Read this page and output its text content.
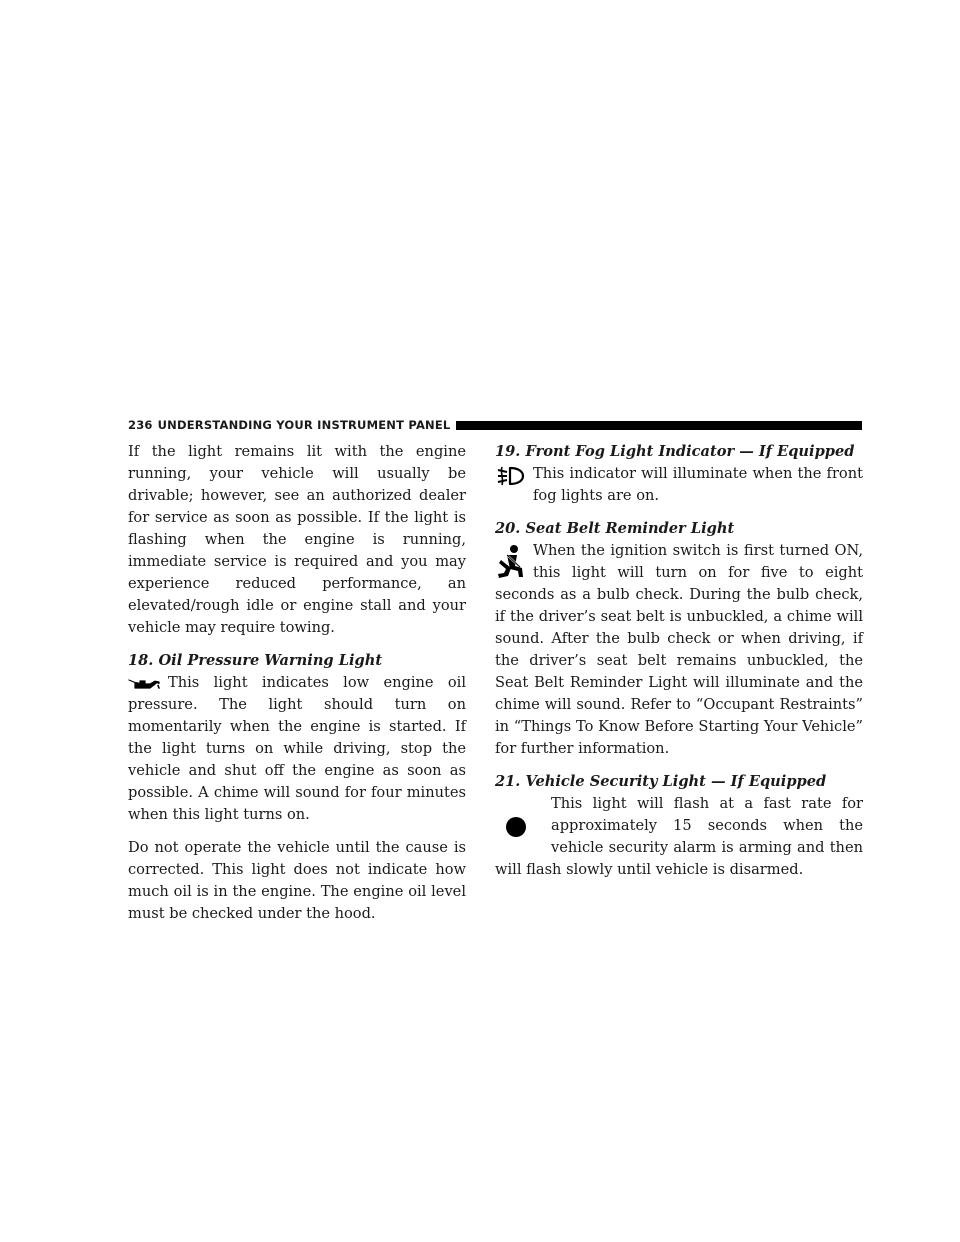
236 UNDERSTANDING YOUR INSTRUMENT PANEL

If the light remains lit with the engine running, your vehicle will usually be drivable; however, see an authorized dealer for service as soon as possible. If the light is flashing when the engine is running, immediate service is required and you may experience reduced performance, an elevated/rough idle or engine stall and your vehicle may require towing.

18. Oil Pressure Warning Light

This light indicates low engine oil pressure. The light should turn on momentarily when the engine is started. If the light turns on while driving, stop the vehicle and shut off the engine as soon as possible. A chime will sound for four minutes when this light turns on.

Do not operate the vehicle until the cause is corrected. This light does not indicate how much oil is in the engine. The engine oil level must be checked under the hood.

19. Front Fog Light Indicator — If Equipped

This indicator will illuminate when the front fog lights are on.

20. Seat Belt Reminder Light

When the ignition switch is first turned ON, this light will turn on for five to eight seconds as a bulb check. During the bulb check, if the driver’s seat belt is unbuckled, a chime will sound. After the bulb check or when driving, if the driver’s seat belt remains unbuckled, the Seat Belt Reminder Light will illuminate and the chime will sound. Refer to “Occupant Restraints” in “Things To Know Before Starting Your Vehicle” for further information.

21. Vehicle Security Light — If Equipped

This light will flash at a fast rate for approximately 15 seconds when the vehicle security alarm is arming and then will flash slowly until vehicle is disarmed.
